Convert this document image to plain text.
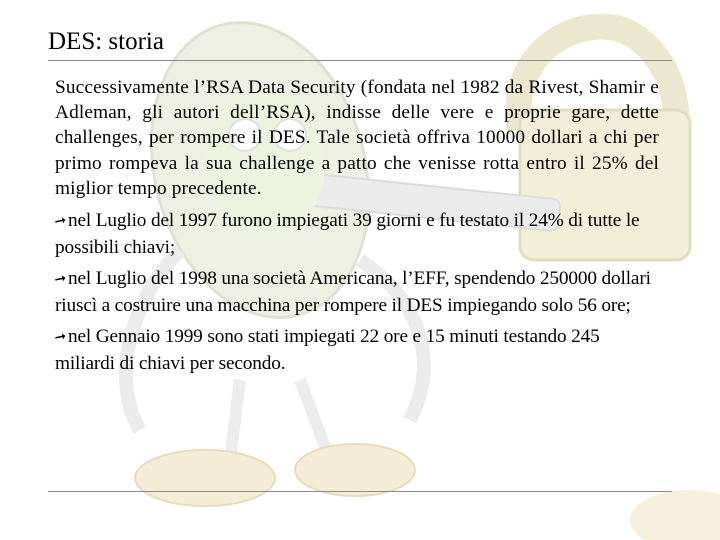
DES: storia

Successivamente l’RSA Data Security (fondata nel 1982 da Rivest, Shamir e Adleman, gli autori dell’RSA), indisse delle vere e proprie gare, dette challenges, per rompere il DES. Tale società offriva 10000 dollari a chi per primo rompeva la sua challenge a patto che venisse rotta entro il 25% del miglior tempo precedente.

➞nel Luglio del 1997 furono impiegati 39 giorni e fu testato il 24% di tutte le possibili chiavi;
➞nel Luglio del 1998 una società Americana, l’EFF, spendendo 250000 dollari riuscì a costruire una macchina per rompere il DES impiegando solo 56 ore;
➞nel Gennaio 1999 sono stati impiegati 22 ore e 15 minuti testando 245 miliardi di chiavi per secondo.
